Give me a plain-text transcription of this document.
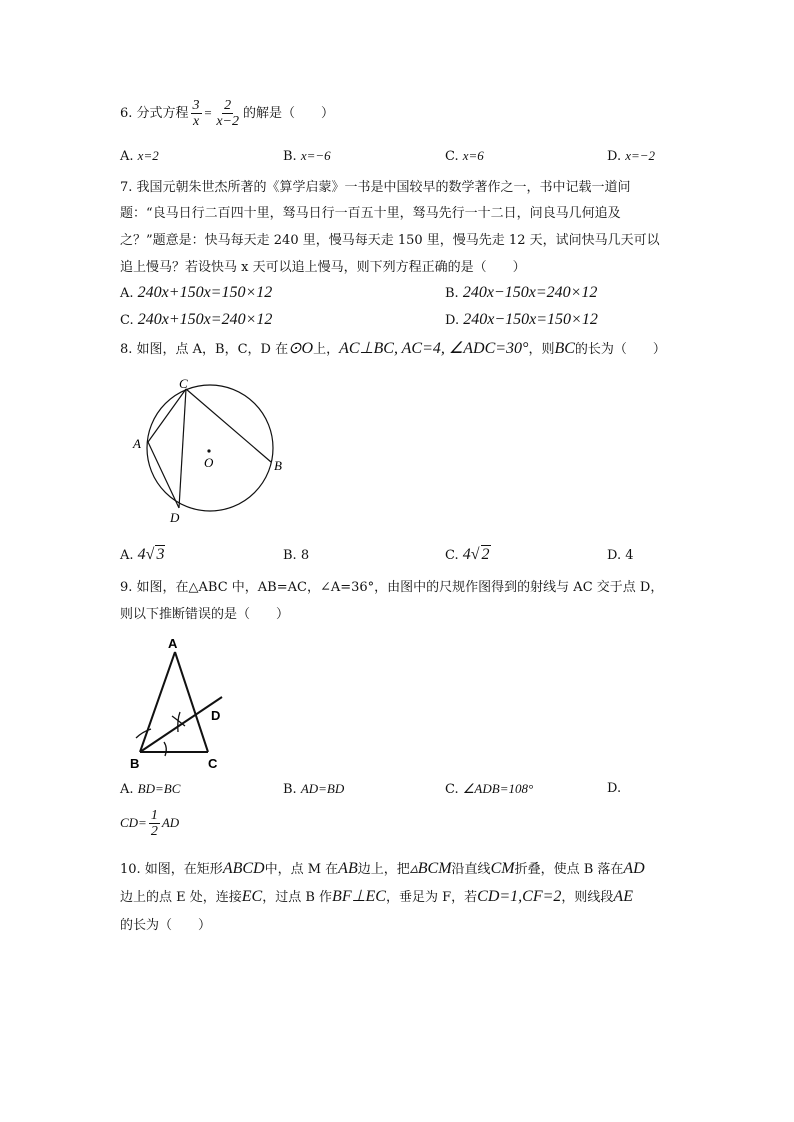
6. 分式方程 $\frac{3}{x} = \frac{2}{x-2}$ 的解是（　　）
A. x=2	B. x=−6	C. x=6	D. x=−2
7. 我国元朝朱世杰所著的《算学启蒙》一书是中国较早的数学著作之一，书中记载一道问
题：“良马日行二百四十里，驽马日行一百五十里，驽马先行一十二日，问良马几何追及
之？”题意是：快马每天走 240 里，慢马每天走 150 里，慢马先走 12 天，试问快马几天可以
追上慢马？若设快马 x 天可以追上慢马，则下列方程正确的是（　　）
A. 240x+150x=150×12	B. 240x−150x=240×12
C. 240x+150x=240×12	D. 240x−150x=150×12
8. 如图，点 A，B，C，D 在⊙O上，AC⊥BC, AC=4, ∠ADC=30°，则BC的长为（　　）
C
A
O	B
D
A. 4√ 3	B. 8	C. 4√ 2	D. 4
9. 如图，在△ABC 中，AB=AC，∠A=36°，由图中的尺规作图得到的射线与 AC 交于点 D，
则以下推断错误的是（　　）
A
D
B	C
A. BD=BC	B. AD=BD	C. ∠ADB=108°	D.
$CD= \frac{1}{2}$ AD
10. 如图，在矩形ABCD中，点 M 在AB边上，把▵BCM沿直线CM折叠，使点 B 落在AD
边上的点 E 处，连接EC，过点 B 作BF⊥EC，垂足为 F，若CD=1,CF=2，则线段AE
的长为（　　）
